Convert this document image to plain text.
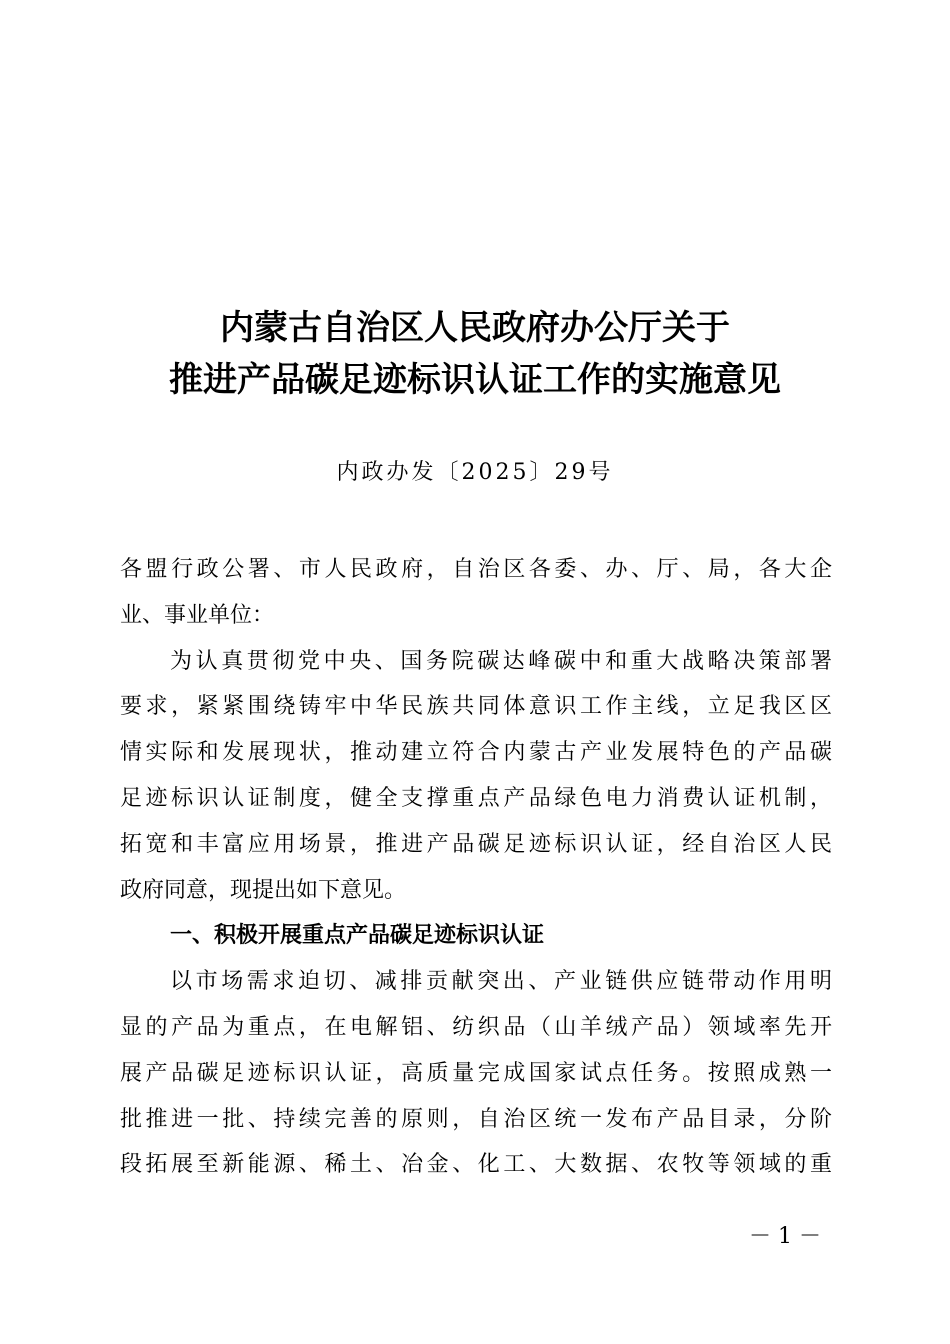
内蒙古自治区人民政府办公厅关于
推进产品碳足迹标识认证工作的实施意见
内政办发〔2025〕29号
各盟行政公署、市人民政府，自治区各委、办、厅、局，各大企
业、事业单位：
为认真贯彻党中央、国务院碳达峰碳中和重大战略决策部署
要求，紧紧围绕铸牢中华民族共同体意识工作主线，立足我区区
情实际和发展现状，推动建立符合内蒙古产业发展特色的产品碳
足迹标识认证制度，健全支撑重点产品绿色电力消费认证机制，
拓宽和丰富应用场景，推进产品碳足迹标识认证，经自治区人民
政府同意，现提出如下意见。
一、积极开展重点产品碳足迹标识认证
以市场需求迫切、减排贡献突出、产业链供应链带动作用明
显的产品为重点，在电解铝、纺织品（山羊绒产品）领域率先开
展产品碳足迹标识认证，高质量完成国家试点任务。按照成熟一
批推进一批、持续完善的原则，自治区统一发布产品目录，分阶
段拓展至新能源、稀土、冶金、化工、大数据、农牧等领域的重
－ 1 －
